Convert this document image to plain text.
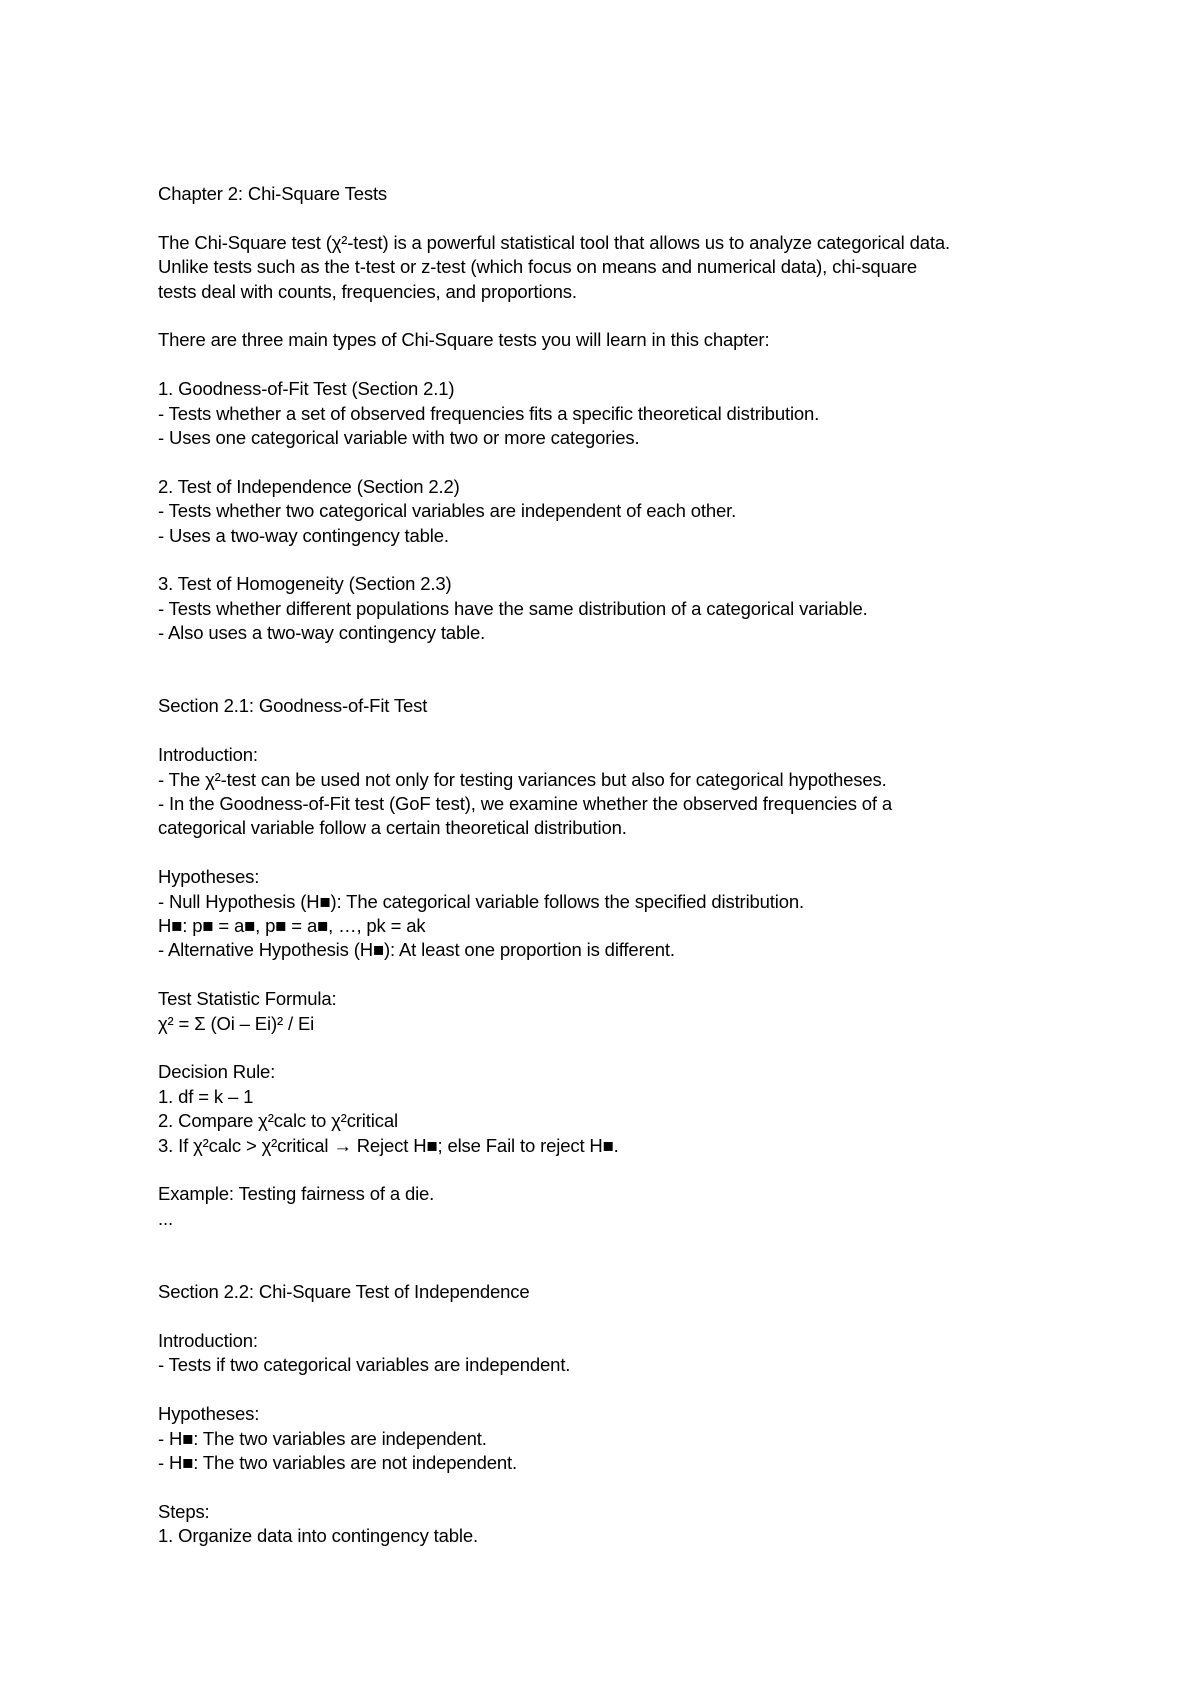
Chapter 2: Chi-Square Tests
The Chi-Square test (χ²-test) is a powerful statistical tool that allows us to analyze categorical data.
Unlike tests such as the t-test or z-test (which focus on means and numerical data), chi-square
tests deal with counts, frequencies, and proportions.
There are three main types of Chi-Square tests you will learn in this chapter:
1. Goodness-of-Fit Test (Section 2.1)
- Tests whether a set of observed frequencies fits a specific theoretical distribution.
- Uses one categorical variable with two or more categories.
2. Test of Independence (Section 2.2)
- Tests whether two categorical variables are independent of each other.
- Uses a two-way contingency table.
3. Test of Homogeneity (Section 2.3)
- Tests whether different populations have the same distribution of a categorical variable.
- Also uses a two-way contingency table.
Section 2.1: Goodness-of-Fit Test
Introduction:
- The χ²-test can be used not only for testing variances but also for categorical hypotheses.
- In the Goodness-of-Fit test (GoF test), we examine whether the observed frequencies of a
categorical variable follow a certain theoretical distribution.
Hypotheses:
- Null Hypothesis (H■): The categorical variable follows the specified distribution.
H■: p■ = a■, p■ = a■, …, pk = ak
- Alternative Hypothesis (H■): At least one proportion is different.
Test Statistic Formula:
χ² = Σ (Oi – Ei)² / Ei
Decision Rule:
1. df = k – 1
2. Compare χ²calc to χ²critical
3. If χ²calc > χ²critical → Reject H■; else Fail to reject H■.
Example: Testing fairness of a die.
...
Section 2.2: Chi-Square Test of Independence
Introduction:
- Tests if two categorical variables are independent.
Hypotheses:
- H■: The two variables are independent.
- H■: The two variables are not independent.
Steps:
1. Organize data into contingency table.
